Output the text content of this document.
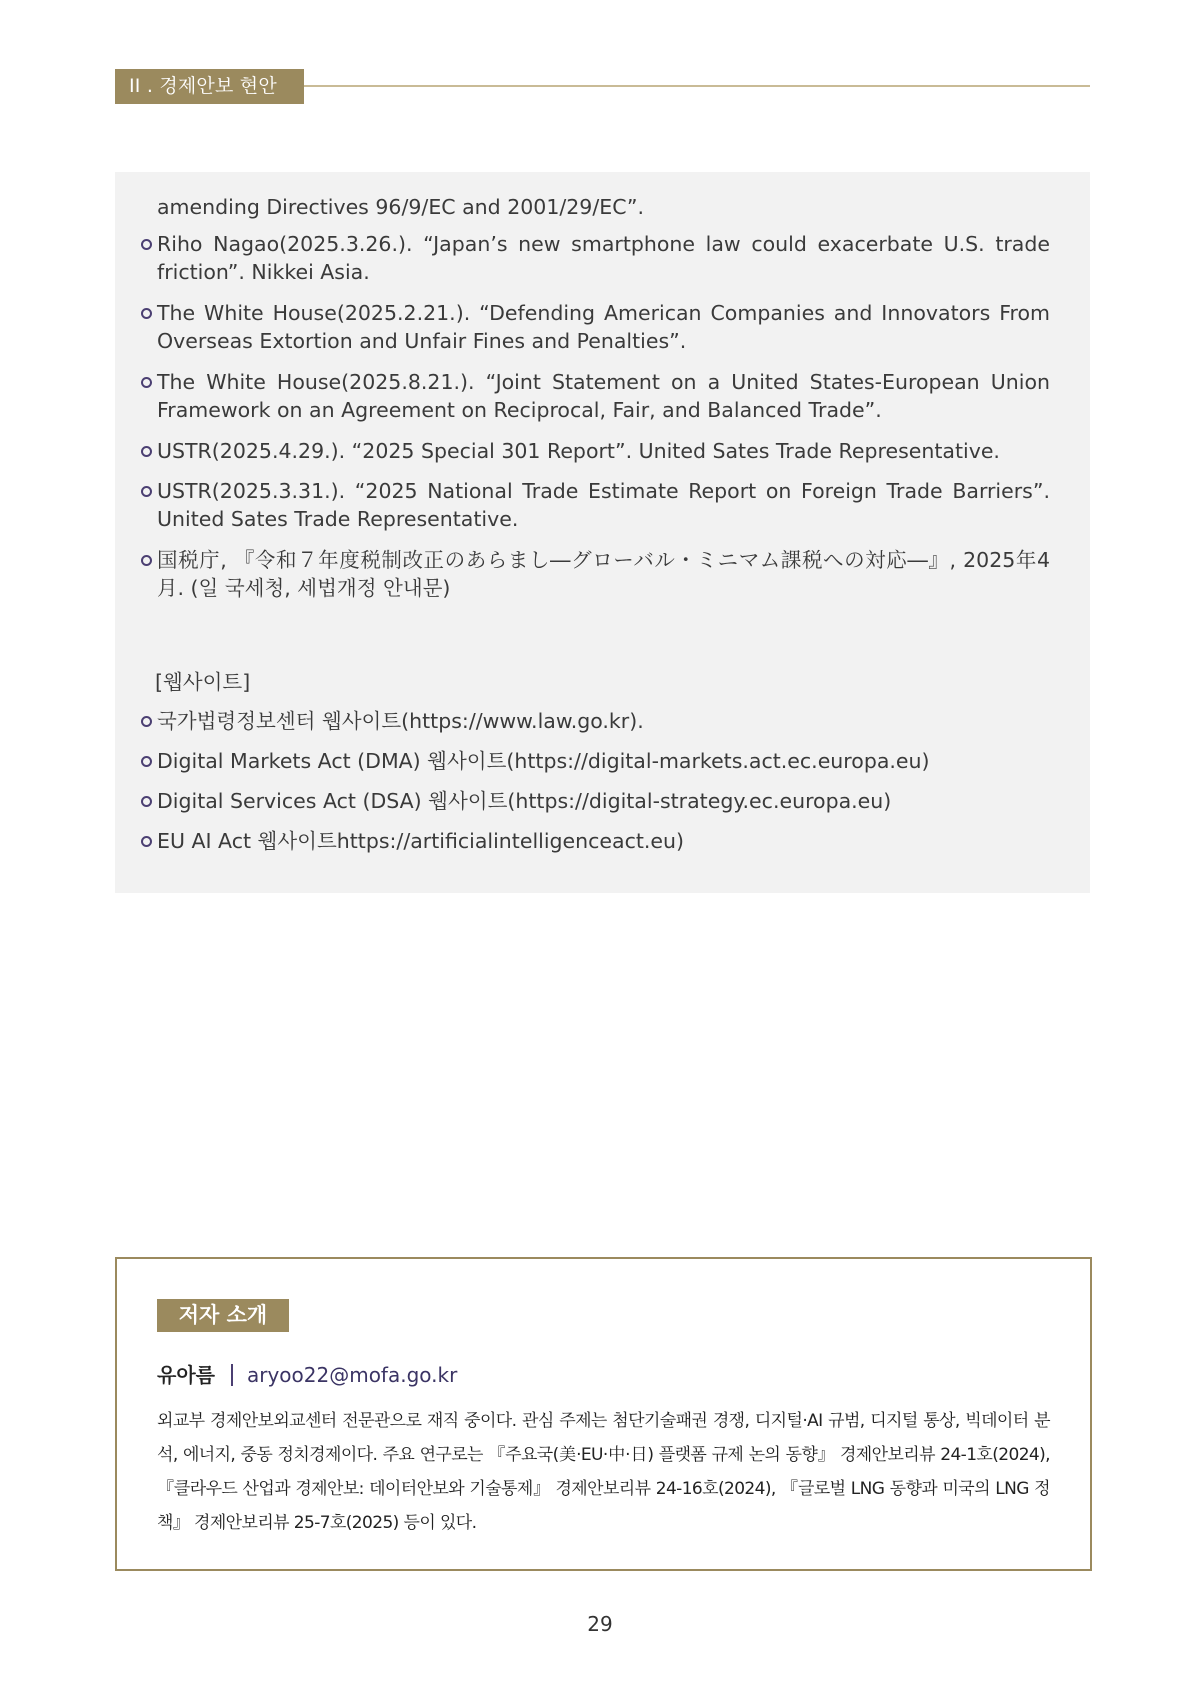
II . 경제안보 현안
amending Directives 96/9/EC and 2001/29/EC”.
Riho Nagao(2025.3.26.). “Japan’s new smartphone law could exacerbate U.S. trade friction”. Nikkei Asia.
The White House(2025.2.21.). “Defending American Companies and Innovators From Overseas Extortion and Unfair Fines and Penalties”.
The White House(2025.8.21.). “Joint Statement on a United States-European Union Framework on an Agreement on Reciprocal, Fair, and Balanced Trade”.
USTR(2025.4.29.). “2025 Special 301 Report”. United Sates Trade Representative.
USTR(2025.3.31.). “2025 National Trade Estimate Report on Foreign Trade Barriers”. United Sates Trade Representative.
国税庁, 『令和７年度税制改正のあらまし―グローバル・ミニマム課税への対応―』, 2025年4月. (일 국세청, 세법개정 안내문)
[웹사이트]
국가법령정보센터 웹사이트(https://www.law.go.kr).
Digital Markets Act (DMA) 웹사이트(https://digital-markets.act.ec.europa.eu)
Digital Services Act (DSA) 웹사이트(https://digital-strategy.ec.europa.eu)
EU AI Act 웹사이트https://artificialintelligenceact.eu)
저자 소개
유아름 aryoo22@mofa.go.kr
외교부 경제안보외교센터 전문관으로 재직 중이다. 관심 주제는 첨단기술패권 경쟁, 디지털·AI 규범, 디지털 통상, 빅데이터 분석, 에너지, 중동 정치경제이다. 주요 연구로는 『주요국(美·EU·中·日) 플랫폼 규제 논의 동향』 경제안보리뷰 24-1호(2024), 『클라우드 산업과 경제안보: 데이터안보와 기술통제』 경제안보리뷰 24-16호(2024), 『글로벌 LNG 동향과 미국의 LNG 정책』 경제안보리뷰 25-7호(2025) 등이 있다.
29
